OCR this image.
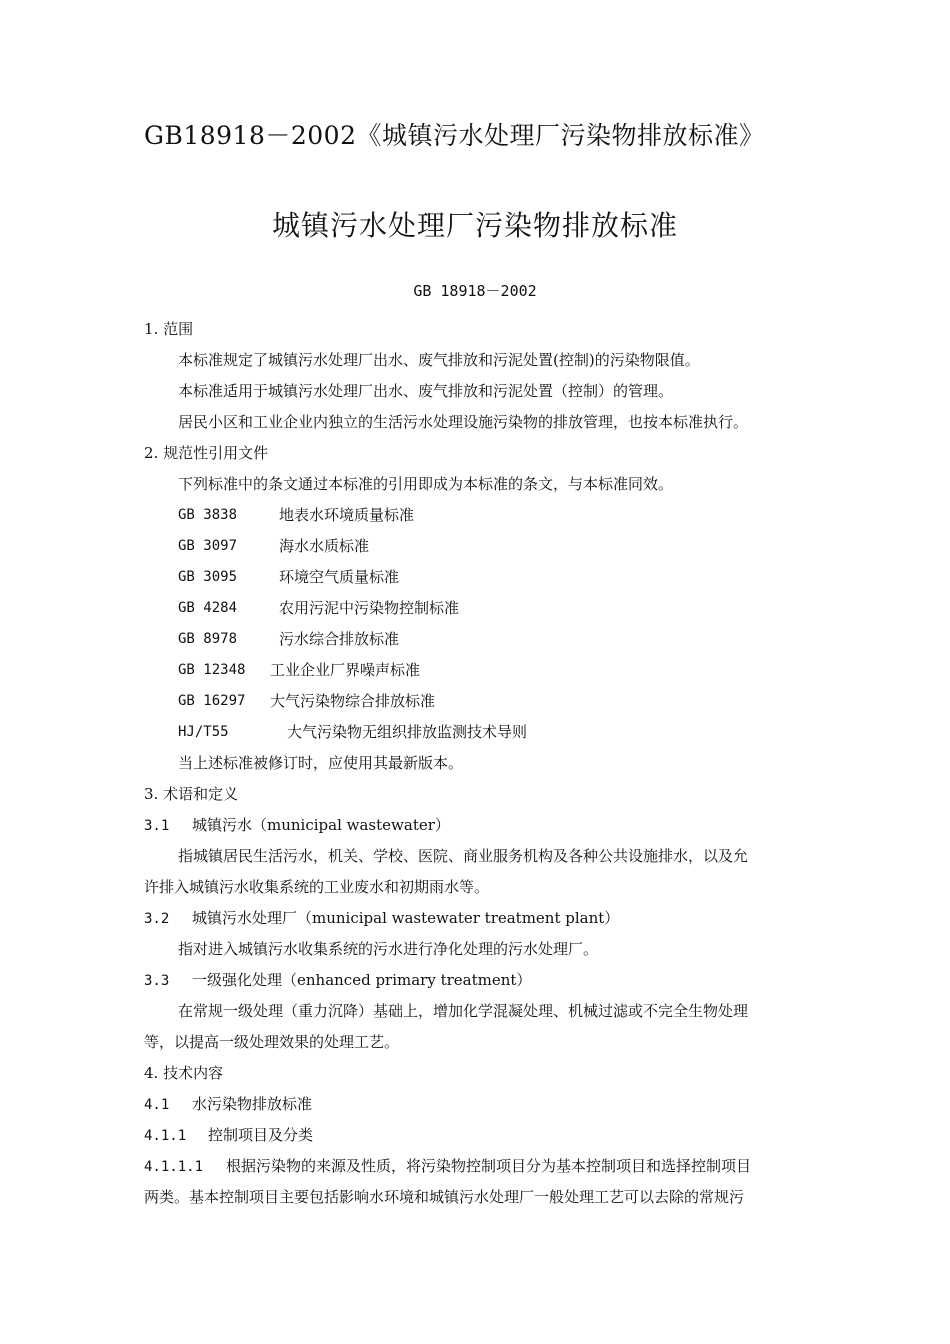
GB18918－2002《城镇污水处理厂污染物排放标准》
城镇污水处理厂污染物排放标准
GB 18918－2002
1. 范围
本标准规定了城镇污水处理厂出水、废气排放和污泥处置(控制)的污染物限值。
本标准适用于城镇污水处理厂出水、废气排放和污泥处置（控制）的管理。
居民小区和工业企业内独立的生活污水处理设施污染物的排放管理，也按本标准执行。
2. 规范性引用文件
下列标准中的条文通过本标准的引用即成为本标准的条文，与本标准同效。
GB 3838	地表水环境质量标准
GB 3097	海水水质标准
GB 3095	环境空气质量标准
GB 4284	农用污泥中污染物控制标准
GB 8978	污水综合排放标准
GB 12348	工业企业厂界噪声标准
GB 16297	大气污染物综合排放标准
HJ/T55	大气污染物无组织排放监测技术导则
当上述标准被修订时，应使用其最新版本。
3. 术语和定义
3.1 城镇污水（municipal wastewater）
指城镇居民生活污水，机关、学校、医院、商业服务机构及各种公共设施排水，以及允
许排入城镇污水收集系统的工业废水和初期雨水等。
3.2 城镇污水处理厂（municipal wastewater treatment plant）
指对进入城镇污水收集系统的污水进行净化处理的污水处理厂。
3.3 一级强化处理（enhanced primary treatment）
在常规一级处理（重力沉降）基础上，增加化学混凝处理、机械过滤或不完全生物处理
等，以提高一级处理效果的处理工艺。
4. 技术内容
4.1 水污染物排放标准
4.1.1 控制项目及分类
4.1.1.1 根据污染物的来源及性质，将污染物控制项目分为基本控制项目和选择控制项目
两类。基本控制项目主要包括影响水环境和城镇污水处理厂一般处理工艺可以去除的常规污
